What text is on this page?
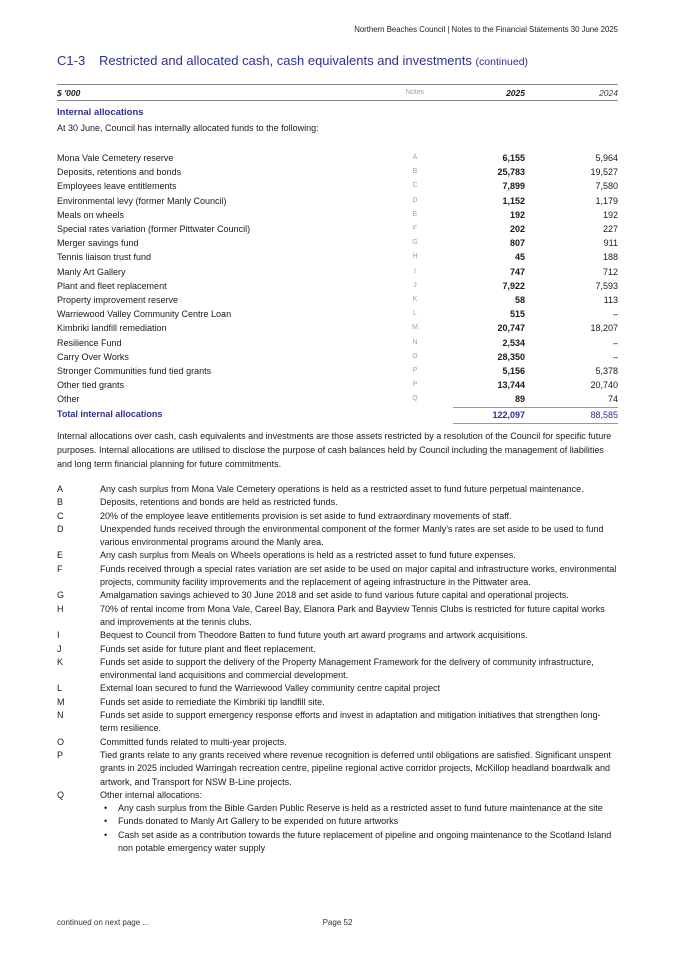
Northern Beaches Council | Notes to the Financial Statements 30 June 2025
C1-3 Restricted and allocated cash, cash equivalents and investments (continued)
$ '000	Notes	2025	2024
Internal allocations
At 30 June, Council has internally allocated funds to the following:
Mona Vale Cemetery reserve	A	6,155	5,964
Deposits, retentions and bonds	B	25,783	19,527
Employees leave entitlements	C	7,899	7,580
Environmental levy (former Manly Council)	D	1,152	1,179
Meals on wheels	E	192	192
Special rates variation (former Pittwater Council)	F	202	227
Merger savings fund	G	807	911
Tennis liaison trust fund	H	45	188
Manly Art Gallery	I	747	712
Plant and fleet replacement	J	7,922	7,593
Property improvement reserve	K	58	113
Warriewood Valley Community Centre Loan	L	515	–
Kimbriki landfill remediation	M	20,747	18,207
Resilience Fund	N	2,534	–
Carry Over Works	O	28,350	–
Stronger Communities fund tied grants	P	5,156	5,378
Other tied grants	P	13,744	20,740
Other	Q	89	74
Total internal allocations	122,097	88,585
Internal allocations over cash, cash equivalents and investments are those assets restricted by a resolution of the Council for specific future purposes. Internal allocations are utilised to disclose the purpose of cash balances held by Council including the management of liabilities and long term financial planning for future commitments.
A	Any cash surplus from Mona Vale Cemetery operations is held as a restricted asset to fund future perpetual maintenance.
B	Deposits, retentions and bonds are held as restricted funds.
C	20% of the employee leave entitlements provision is set aside to fund extraordinary movements of staff.
D	Unexpended funds received through the environmental component of the former Manly's rates are set aside to be used to fund various environmental programs around the Manly area.
E	Any cash surplus from Meals on Wheels operations is held as a restricted asset to fund future expenses.
F	Funds received through a special rates variation are set aside to be used on major capital and infrastructure works, environmental projects, community facility improvements and the replacement of ageing infrastructure in the Pittwater area.
G	Amalgamation savings achieved to 30 June 2018 and set aside to fund various future capital and operational projects.
H	70% of rental income from Mona Vale, Careel Bay, Elanora Park and Bayview Tennis Clubs is restricted for future capital works and improvements at the tennis clubs.
I	Bequest to Council from Theodore Batten to fund future youth art award programs and artwork acquisitions.
J	Funds set aside for future plant and fleet replacement.
K	Funds set aside to support the delivery of the Property Management Framework for the delivery of community infrastructure, environmental land acquisitions and commercial development.
L	External loan secured to fund the Warriewood Valley community centre capital project
M	Funds set aside to remediate the Kimbriki tip landfill site.
N	Funds set aside to support emergency response efforts and invest in adaptation and mitigation initiatives that strengthen long-term resilience.
O	Committed funds related to multi-year projects.
P	Tied grants relate to any grants received where revenue recognition is deferred until obligations are satisfied. Significant unspent grants in 2025 included Warringah recreation centre, pipeline regional active corridor projects, McKillop headland boardwalk and artwork, and Transport for NSW B-Line projects.
Q	Other internal allocations:
•	Any cash surplus from the Bible Garden Public Reserve is held as a restricted asset to fund future maintenance at the site
•	Funds donated to Manly Art Gallery to be expended on future artworks
•	Cash set aside as a contribution towards the future replacement of pipeline and ongoing maintenance to the Scotland Island non potable emergency water supply
continued on next page ...	Page 52
